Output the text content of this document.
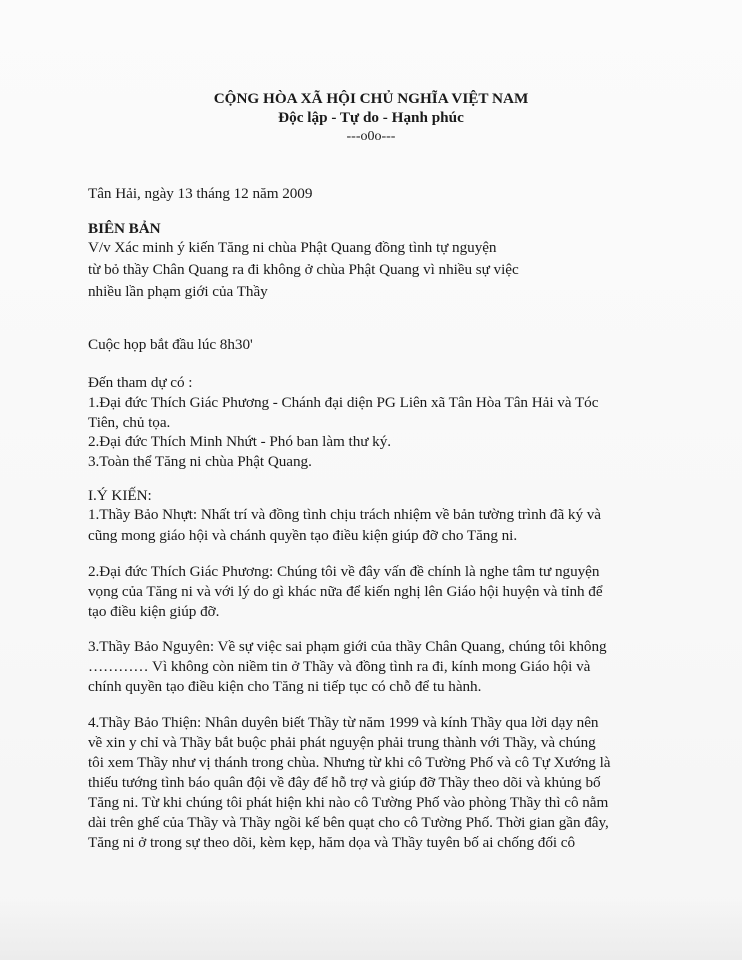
CỘNG HÒA XÃ HỘI CHỦ NGHĨA VIỆT NAM
Độc lập - Tự do - Hạnh phúc
---o0o---
Tân Hải, ngày 13 tháng 12 năm 2009
BIÊN BẢN
V/v Xác minh ý kiến Tăng ni chùa Phật Quang đồng tình tự nguyện
từ bỏ thầy Chân Quang ra đi không ở chùa Phật Quang vì nhiều sự việc
nhiều lần phạm giới của Thầy
Cuộc họp bắt đầu lúc 8h30'
Đến tham dự có :
1.Đại đức Thích Giác Phương - Chánh đại diện PG Liên xã Tân Hòa Tân Hải và Tóc
Tiên, chủ tọa.
2.Đại đức Thích Minh Nhứt - Phó ban làm thư ký.
3.Toàn thể Tăng ni chùa Phật Quang.
I.Ý KIẾN:
1.Thầy Bảo Nhựt: Nhất trí và đồng tình chịu trách nhiệm về bản tường trình đã ký và
cũng mong giáo hội và chánh quyền tạo điều kiện giúp đỡ cho Tăng ni.
2.Đại đức Thích Giác Phương: Chúng tôi về đây vấn đề chính là nghe tâm tư nguyện
vọng của Tăng ni và với lý do gì khác nữa để kiến nghị lên Giáo hội huyện và tỉnh để
tạo điều kiện giúp đỡ.
3.Thầy Bảo Nguyên: Về sự việc sai phạm giới của thầy Chân Quang, chúng tôi không
………… Vì không còn niềm tin ở Thầy và đồng tình ra đi, kính mong Giáo hội và
chính quyền tạo điều kiện cho Tăng ni tiếp tục có chỗ để tu hành.
4.Thầy Bảo Thiện: Nhân duyên biết Thầy từ năm 1999 và kính Thầy qua lời dạy nên
về xin y chỉ và Thầy bắt buộc phải phát nguyện phải trung thành với Thầy, và chúng
tôi xem Thầy như vị thánh trong chùa. Nhưng từ khi cô Tường Phố và cô Tự Xướng là
thiếu tướng tình báo quân đội về đây để hỗ trợ và giúp đỡ Thầy theo dõi và khủng bố
Tăng ni. Từ khi chúng tôi phát hiện khi nào cô Tường Phố vào phòng Thầy thì cô nằm
dài trên ghế của Thầy và Thầy ngồi kế bên quạt cho cô Tường Phố. Thời gian gần đây,
Tăng ni ở trong sự theo dõi, kèm kẹp, hăm dọa và Thầy tuyên bố ai chống đối cô
